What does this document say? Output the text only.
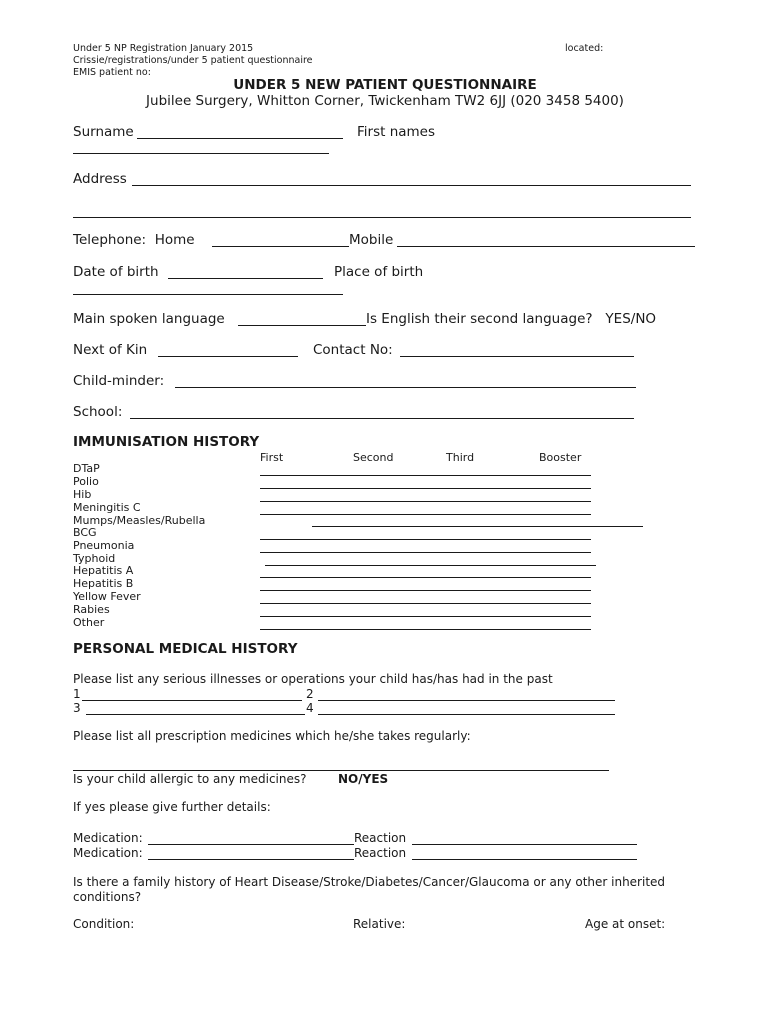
Under 5 NP Registration January 2015
Crissie/registrations/under 5 patient questionnaire
EMIS patient no:
located:
UNDER 5 NEW PATIENT QUESTIONNAIRE
Jubilee Surgery, Whitton Corner, Twickenham TW2 6JJ (020 3458 5400)
Surname	First names
Address
Telephone:  Home	Mobile
Date of birth	Place of birth
Main spoken language	Is English their second language?   YES/NO
Next of Kin	Contact No:
Child-minder:
School:
IMMUNISATION HISTORY
First	Second	Third	Booster
DTaP
Polio
Hib
Meningitis C
Mumps/Measles/Rubella
BCG
Pneumonia
Typhoid
Hepatitis A
Hepatitis B
Yellow Fever
Rabies
Other
PERSONAL MEDICAL HISTORY
Please list any serious illnesses or operations your child has/has had in the past
1	2
3	4
Please list all prescription medicines which he/she takes regularly:
Is your child allergic to any medicines?	NO/YES
If yes please give further details:
Medication:	Reaction
Medication:	Reaction
Is there a family history of Heart Disease/Stroke/Diabetes/Cancer/Glaucoma or any other inherited conditions?
Condition:	Relative:	Age at onset:
